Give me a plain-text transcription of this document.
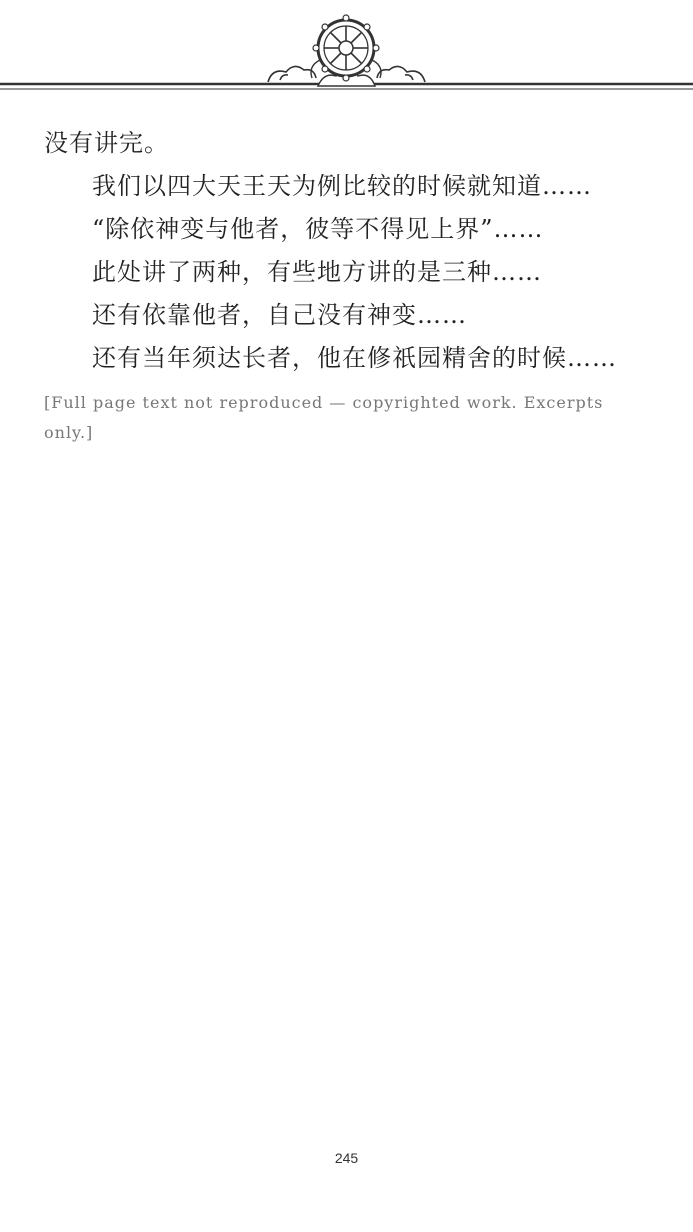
没有讲完。

我们以四大天王天为例比较的时候就知道……

“除依神变与他者，彼等不得见上界”……

此处讲了两种，有些地方讲的是三种……

还有依靠他者，自己没有神变……

还有当年须达长者，他在修祇园精舍的时候……

[Full page text not reproduced — copyrighted work. Excerpts only.]
245
